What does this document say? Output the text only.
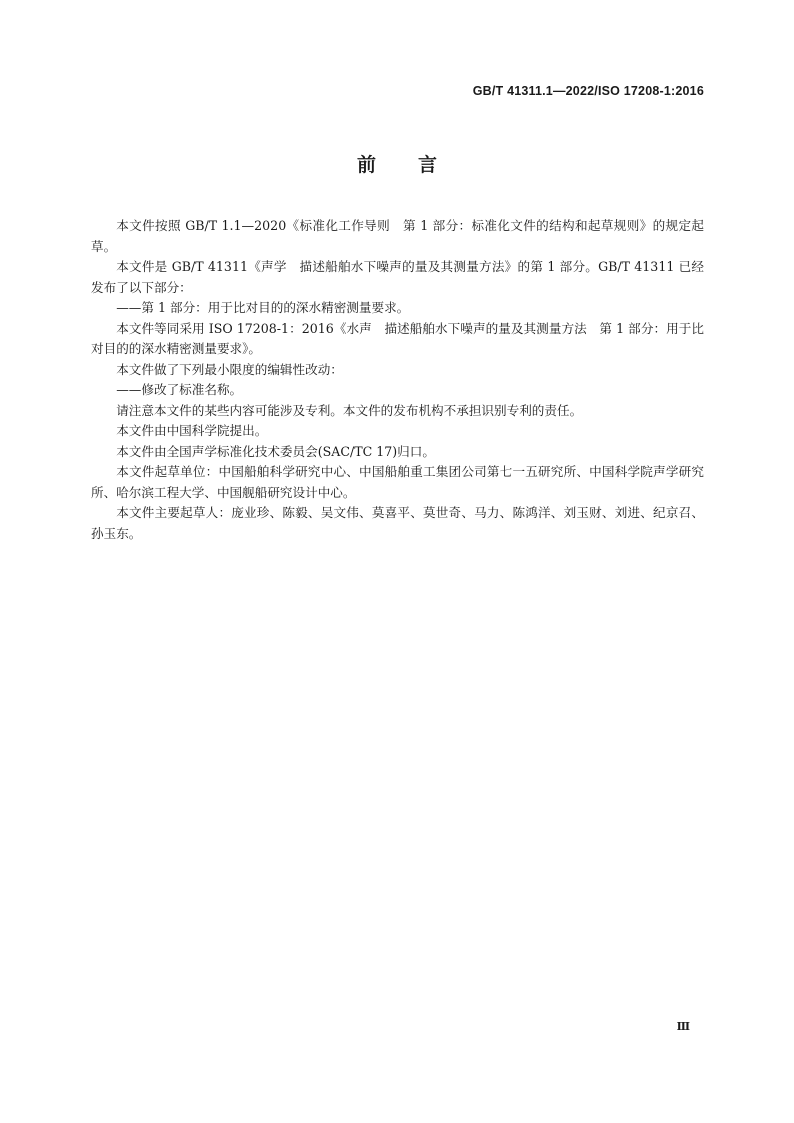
GB/T 41311.1—2022/ISO 17208-1:2016
前 言

本文件按照 GB/T 1.1—2020《标准化工作导则　第 1 部分：标准化文件的结构和起草规则》的规定起草。

本文件是 GB/T 41311《声学　描述船舶水下噪声的量及其测量方法》的第 1 部分。GB/T 41311 已经发布了以下部分：

——第 1 部分：用于比对目的的深水精密测量要求。

本文件等同采用 ISO 17208-1：2016《水声　描述船舶水下噪声的量及其测量方法　第 1 部分：用于比对目的的深水精密测量要求》。

本文件做了下列最小限度的编辑性改动：

——修改了标准名称。

请注意本文件的某些内容可能涉及专利。本文件的发布机构不承担识别专利的责任。

本文件由中国科学院提出。

本文件由全国声学标准化技术委员会(SAC/TC 17)归口。

本文件起草单位：中国船舶科学研究中心、中国船舶重工集团公司第七一五研究所、中国科学院声学研究所、哈尔滨工程大学、中国舰船研究设计中心。

本文件主要起草人：庞业珍、陈毅、吴文伟、莫喜平、莫世奇、马力、陈鸿洋、刘玉财、刘进、纪京召、孙玉东。

Ⅲ
